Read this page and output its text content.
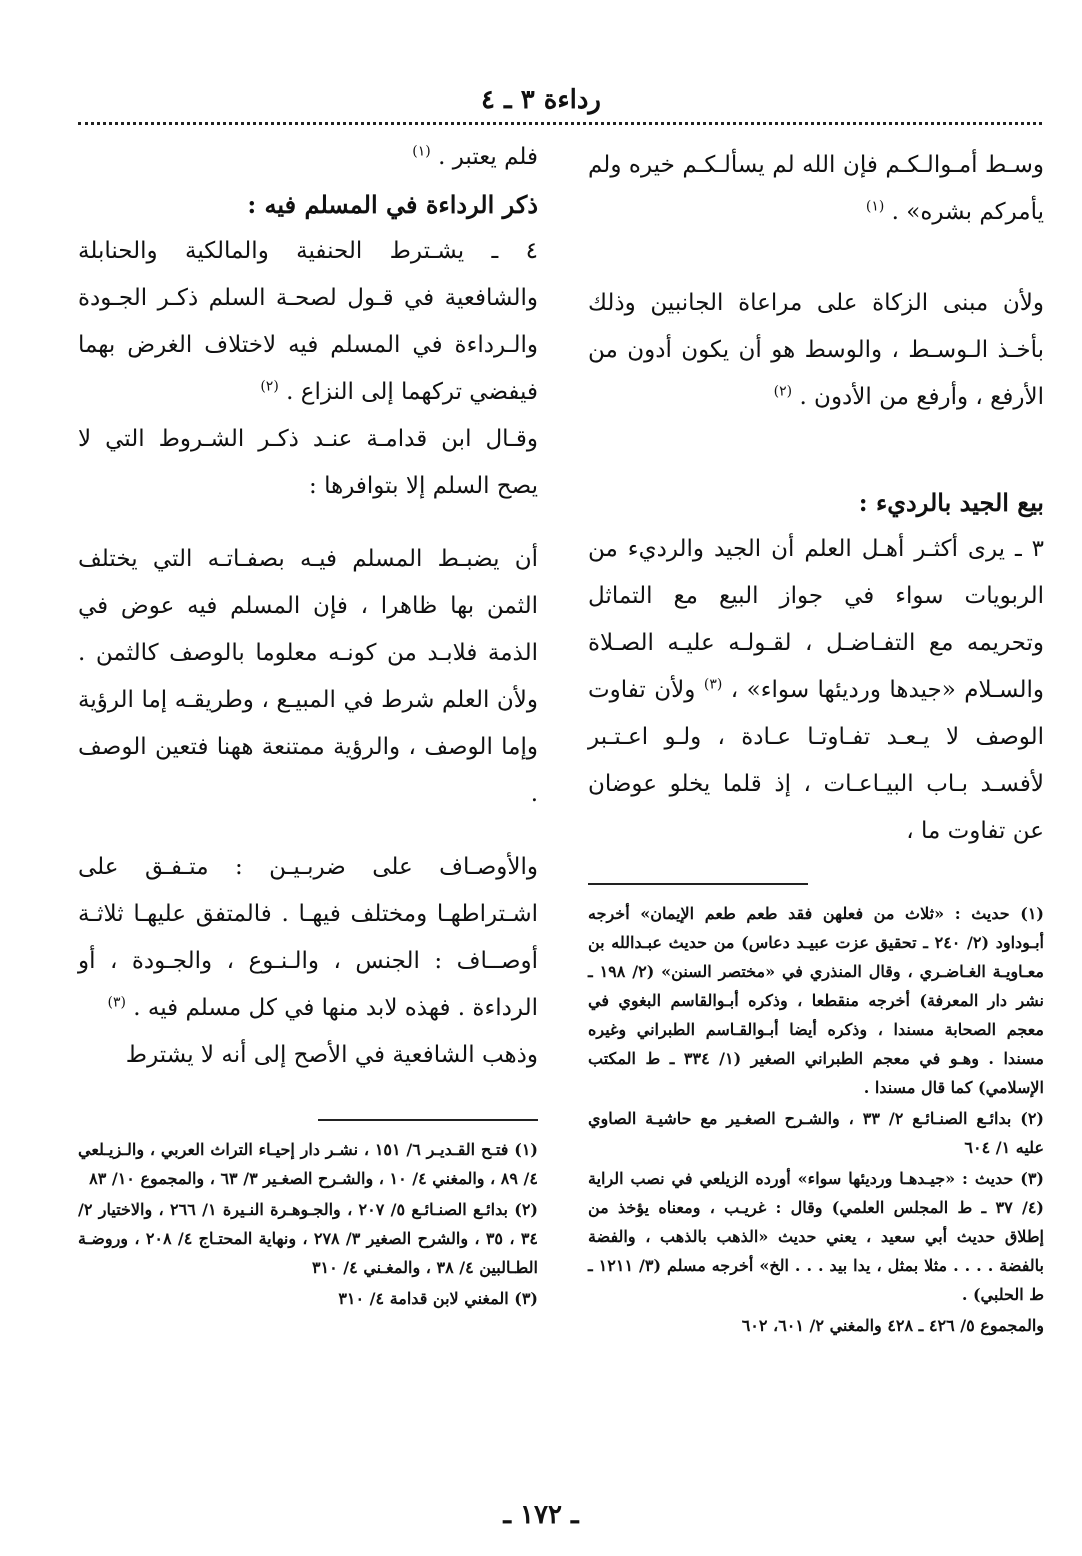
رداءة ٣ ـ ٤

وسـط أمـوالـكـم فإن الله لم يسألـكـم خيره ولم يأمركم بشره» . $^{(١)}$

ولأن مبنى الزكاة على مراعاة الجانبين وذلك بأخـذ الـوسـط ، والوسط هو أن يكون أدون من الأرفع ، وأرفع من الأدون . $^{(٢)}$

بيع الجيد بالرديء :

٣ ـ يرى أكثـر أهـل العلم أن الجيد والرديء من الربويات سواء في جواز البيع مع التماثل وتحريمه مع التفـاضـل ، لقـولـه عليـه الصـلاة والسـلام «جيدها ورديئها سواء» ، $^{(٣)}$ ولأن تفاوت الوصف لا يـعـد تفـاوتـا عـادة ، ولـو اعـتـبر لأفسـد بـاب البيـاعـات ، إذ قلما يخلو عوضان عن تفاوت ما ،

(١) حديث : «ثلاث من فعلهن فقد طعم طعم الإيمان» أخرجه أبـوداود (٢/ ٢٤٠ ـ تحقيق عزت عبيـد دعاس) من حديث عبـدالله بن معـاويـة الغـاضـري ، وقال المنذري في «مختصر السنن» (٢/ ١٩٨ ـ نشر دار المعرفة) أخرجه منقطعا ، وذكره أبـوالقاسم البغوي في معجم الصحابة مسندا ، وذكره أيضا أبـوالقـاسم الطبراني وغيره مسندا . وهـو في معجم الطبراني الصغير (١/ ٣٣٤ ـ ط المكتب الإسلامي) كما قال مسندا .
(٢) بدائـع الصنـائـع ٢/ ٣٣ ، والشـرح الصغـير مع حاشيـة الصاوي عليه ١/ ٦٠٤
(٣) حديث : «جيـدهـا ورديئها سواء» أورده الزيلعي في نصب الراية (٤/ ٣٧ ـ ط المجلس العلمي) وقال : غريـب ، ومعناه يؤخذ من إطلاق حديث أبي سعيد ، يعني حديث «الذهب بالذهب ، والفضة بالفضة . . . . مثلا بمثل ، يدا بيد . . . الخ» أخرجه مسلم (٣/ ١٢١١ ـ ط الحلبي) .
والمجموع ٥/ ٤٢٦ ـ ٤٢٨ والمغني ٢/ ٦٠١، ٦٠٢

فلم يعتبر . $^{(١)}$

ذكر الرداءة في المسلم فيه :

٤ ـ يشـترط الحنفية والمالكية والحنابلة والشافعية في قـول لصحـة السلم ذكـر الجـودة والـرداءة في المسلم فيه لاختلاف الغرض بهما فيفضي تركهما إلى النزاع . $^{(٢)}$

وقـال ابن قدامـة عنـد ذكـر الشـروط التي لا يصح السلم إلا بتوافرها :

أن يضبـط المسلم فيـه بصفـاتـه التي يختلف الثمن بها ظاهرا ، فإن المسلم فيه عوض في الذمة فلابـد من كونـه معلوما بالوصف كالثمن . ولأن العلم شرط في المبيـع ، وطريقـه إما الرؤية وإما الوصف ، والرؤية ممتنعة ههنا فتعين الوصف .

والأوصـاف على ضربـيـن : متـفـق على اشـتراطهـا ومختلف فيهـا . فالمتفق عليهـا ثلاثـة أوصــاف : الجنس ، والـنـوع ، والجـودة ، أو الرداءة . فهذه لابد منها في كل مسلم فيه . $^{(٣)}$

وذهب الشافعية في الأصح إلى أنه لا يشترط

(١) فتـح القـديـر ٦/ ١٥١ ، نشـر دار إحيـاء التراث العربي ، والـزيـلعي ٤/ ٨٩ ، والمغني ٤/ ١٠ ، والشـرح الصغـير ٣/ ٦٣ ، والمجموع ١٠/ ٨٣
(٢) بدائـع الصنـائـع ٥/ ٢٠٧ ، والجـوهـرة النـيرة ١/ ٢٦٦ ، والاختيار ٢/ ٣٤ ، ٣٥ ، والشرح الصغير ٣/ ٢٧٨ ، ونهاية المحتـاج ٤/ ٢٠٨ ، وروضـة الطـالبين ٤/ ٣٨ ، والمغـني ٤/ ٣١٠
(٣) المغني لابن قدامة ٤/ ٣١٠
ـ ١٧٢ ـ
